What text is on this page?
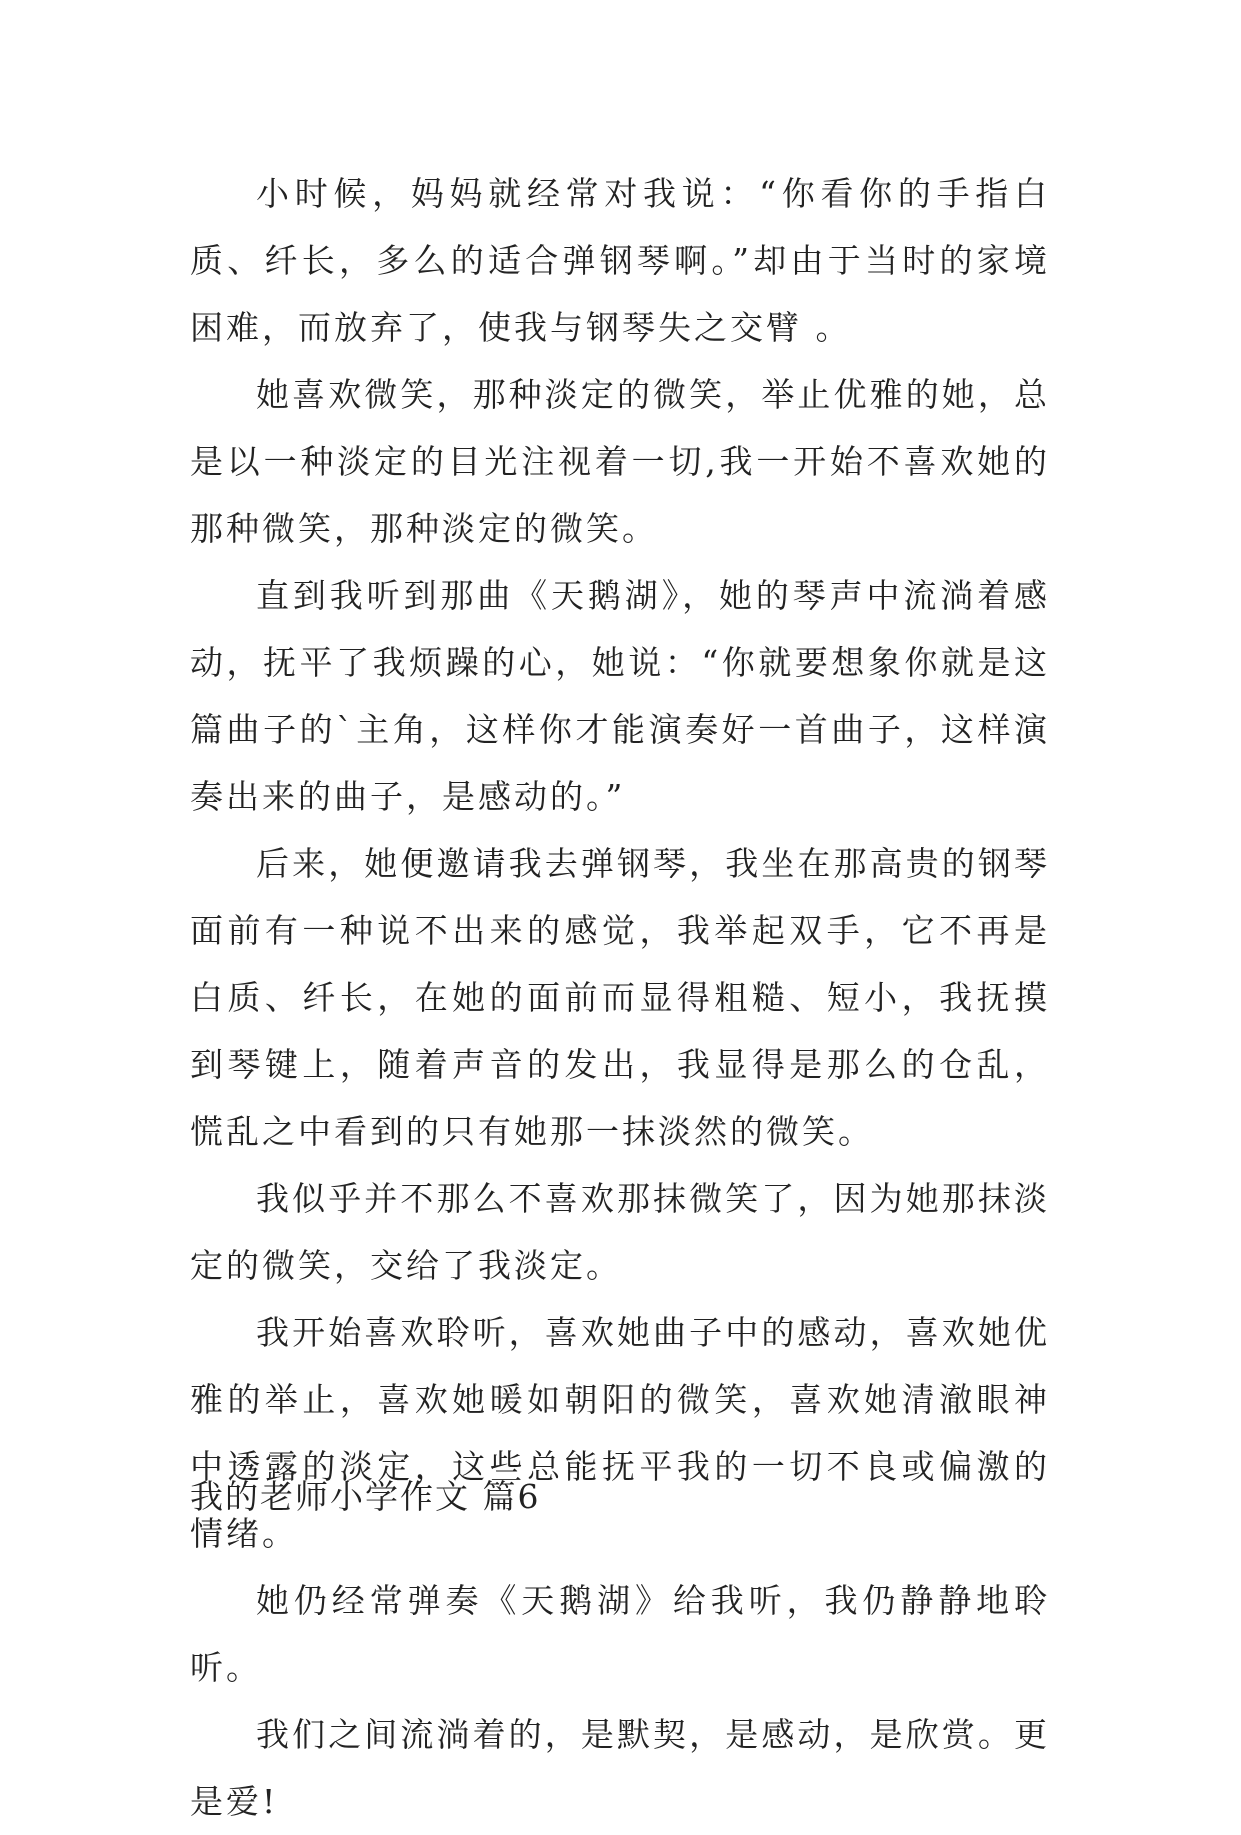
小时候，妈妈就经常对我说：“你看你的手指白质、纤长，多么的适合弹钢琴啊。”却由于当时的家境困难，而放弃了，使我与钢琴失之交臂 。

她喜欢微笑，那种淡定的微笑，举止优雅的她，总是以一种淡定的目光注视着一切,我一开始不喜欢她的那种微笑，那种淡定的微笑。

直到我听到那曲《天鹅湖》，她的琴声中流淌着感动，抚平了我烦躁的心，她说：“你就要想象你就是这篇曲子的`主角，这样你才能演奏好一首曲子，这样演奏出来的曲子，是感动的。”

后来，她便邀请我去弹钢琴，我坐在那高贵的钢琴面前有一种说不出来的感觉，我举起双手，它不再是白质、纤长，在她的面前而显得粗糙、短小，我抚摸到琴键上，随着声音的发出，我显得是那么的仓乱，慌乱之中看到的只有她那一抹淡然的微笑。

我似乎并不那么不喜欢那抹微笑了，因为她那抹淡定的微笑，交给了我淡定。

我开始喜欢聆听，喜欢她曲子中的感动，喜欢她优雅的举止，喜欢她暖如朝阳的微笑，喜欢她清澈眼神中透露的淡定，这些总能抚平我的一切不良或偏激的情绪。

她仍经常弹奏《天鹅湖》给我听，我仍静静地聆听。

我们之间流淌着的，是默契，是感动，是欣赏。更是爱!

我的老师小学作文 篇6
